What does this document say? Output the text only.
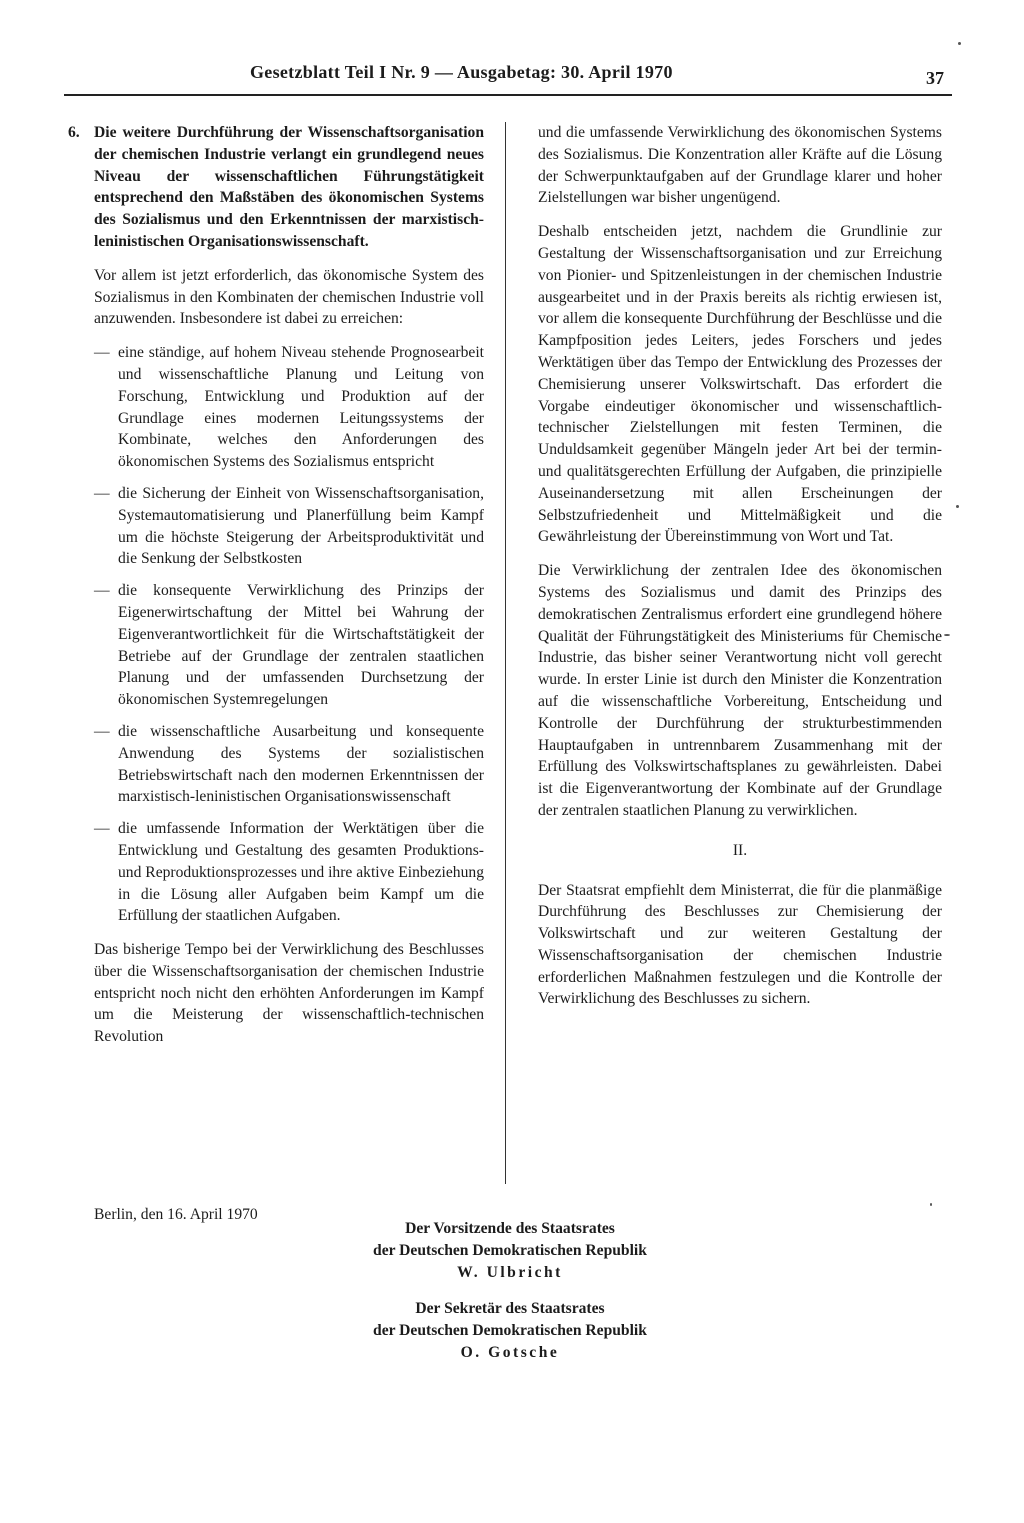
Gesetzblatt Teil I Nr. 9 — Ausgabetag: 30. April 1970	37

6. Die weitere Durchführung der Wissenschaftsorganisation der chemischen Industrie verlangt ein grundlegend neues Niveau der wissenschaftlichen Führungstätigkeit entsprechend den Maßstäben des ökonomischen Systems des Sozialismus und den Erkenntnissen der marxistisch-leninistischen Organisationswissenschaft.

Vor allem ist jetzt erforderlich, das ökonomische System des Sozialismus in den Kombinaten der chemischen Industrie voll anzuwenden. Insbesondere ist dabei zu erreichen:

— eine ständige, auf hohem Niveau stehende Prognosearbeit und wissenschaftliche Planung und Leitung von Forschung, Entwicklung und Produktion auf der Grundlage eines modernen Leitungssystems der Kombinate, welches den Anforderungen des ökonomischen Systems des Sozialismus entspricht
— die Sicherung der Einheit von Wissenschaftsorganisation, Systemautomatisierung und Planerfüllung beim Kampf um die höchste Steigerung der Arbeitsproduktivität und die Senkung der Selbstkosten
— die konsequente Verwirklichung des Prinzips der Eigenerwirtschaftung der Mittel bei Wahrung der Eigenverantwortlichkeit für die Wirtschaftstätigkeit der Betriebe auf der Grundlage der zentralen staatlichen Planung und der umfassenden Durchsetzung der ökonomischen Systemregelungen
— die wissenschaftliche Ausarbeitung und konsequente Anwendung des Systems der sozialistischen Betriebswirtschaft nach den modernen Erkenntnissen der marxistisch-leninistischen Organisationswissenschaft
— die umfassende Information der Werktätigen über die Entwicklung und Gestaltung des gesamten Produktions- und Reproduktionsprozesses und ihre aktive Einbeziehung in die Lösung aller Aufgaben beim Kampf um die Erfüllung der staatlichen Aufgaben.

Das bisherige Tempo bei der Verwirklichung des Beschlusses über die Wissenschaftsorganisation der chemischen Industrie entspricht noch nicht den erhöhten Anforderungen im Kampf um die Meisterung der wissenschaftlich-technischen Revolution

und die umfassende Verwirklichung des ökonomischen Systems des Sozialismus. Die Konzentration aller Kräfte auf die Lösung der Schwerpunktaufgaben auf der Grundlage klarer und hoher Zielstellungen war bisher ungenügend.

Deshalb entscheiden jetzt, nachdem die Grundlinie zur Gestaltung der Wissenschaftsorganisation und zur Erreichung von Pionier- und Spitzenleistungen in der chemischen Industrie ausgearbeitet und in der Praxis bereits als richtig erwiesen ist, vor allem die konsequente Durchführung der Beschlüsse und die Kampfposition jedes Leiters, jedes Forschers und jedes Werktätigen über das Tempo der Entwicklung des Prozesses der Chemisierung unserer Volkswirtschaft. Das erfordert die Vorgabe eindeutiger ökonomischer und wissenschaftlich-technischer Zielstellungen mit festen Terminen, die Unduldsamkeit gegenüber Mängeln jeder Art bei der termin- und qualitätsgerechten Erfüllung der Aufgaben, die prinzipielle Auseinandersetzung mit allen Erscheinungen der Selbstzufriedenheit und Mittelmäßigkeit und die Gewährleistung der Übereinstimmung von Wort und Tat.

Die Verwirklichung der zentralen Idee des ökonomischen Systems des Sozialismus und damit des Prinzips des demokratischen Zentralismus erfordert eine grundlegend höhere Qualität der Führungstätigkeit des Ministeriums für Chemische Industrie, das bisher seiner Verantwortung nicht voll gerecht wurde. In erster Linie ist durch den Minister die Konzentration auf die wissenschaftliche Vorbereitung, Entscheidung und Kontrolle der Durchführung der strukturbestimmenden Hauptaufgaben in untrennbarem Zusammenhang mit der Erfüllung des Volkswirtschaftsplanes zu gewährleisten. Dabei ist die Eigenverantwortung der Kombinate auf der Grundlage der zentralen staatlichen Planung zu verwirklichen.

II.

Der Staatsrat empfiehlt dem Ministerrat, die für die planmäßige Durchführung des Beschlusses zur Chemisierung der Volkswirtschaft und zur weiteren Gestaltung der Wissenschaftsorganisation der chemischen Industrie erforderlichen Maßnahmen festzulegen und die Kontrolle der Verwirklichung des Beschlusses zu sichern.

Berlin, den 16. April 1970
Der Vorsitzende des Staatsrates
der Deutschen Demokratischen Republik
W. Ulbricht
Der Sekretär des Staatsrates
der Deutschen Demokratischen Republik
O. Gotsche
